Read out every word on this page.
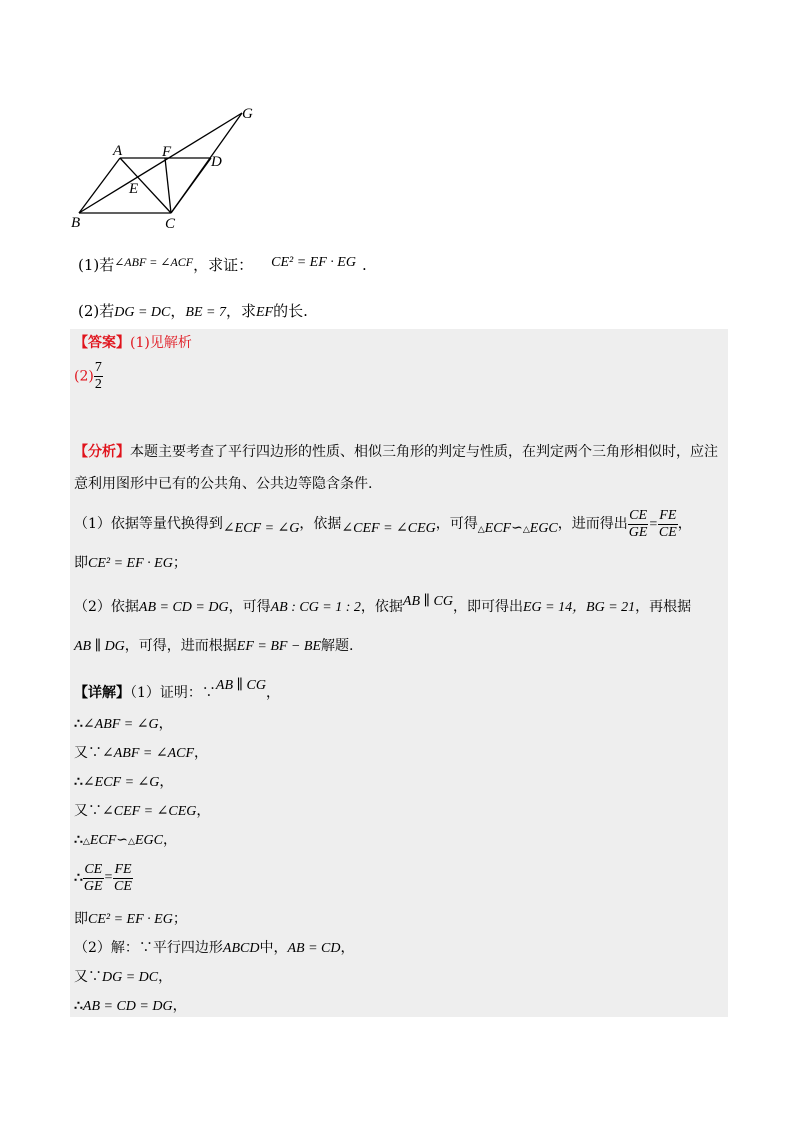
A	F
D
G
E
B	C
(1)若$^{\angle ABF = \angle ACF}$，求证： CE² = EF · EG .
(2)若DG = DC，BE = 7，求EF的长.
【答案】(1)见解析
$(2) \frac{7}{2}$
【分析】本题主要考查了平行四边形的性质、相似三角形的判定与性质，在判定两个三角形相似时，应注
意利用图形中已有的公共角、公共边等隐含条件.
（1）依据等量代换得到∠ECF = ∠G，依据∠CEF = ∠CEG，可得△ECF∽△EGC，进而得出 $\frac{CE}{GE} = \frac{FE}{CE}$ ，
即CE² = EF · EG；
（2）依据AB = CD = DG，可得AB : CG = 1 : 2，依据AB ∥ CG，即可得出EG = 14，BG = 21，再根据
AB ∥ DG，可得，进而根据EF = BF − BE解题.
【详解】（1）证明：∵AB ∥ CG，
∴∠ABF = ∠G，
又∵∠ABF = ∠ACF，
∴∠ECF = ∠G，
又∵∠CEF = ∠CEG，
∴△ECF∽△EGC，
∴ $\frac{CE}{GE} = \frac{FE}{CE}$
即CE² = EF · EG；
（2）解：∵平行四边形ABCD中，AB = CD，
又∵DG = DC，
∴AB = CD = DG，
